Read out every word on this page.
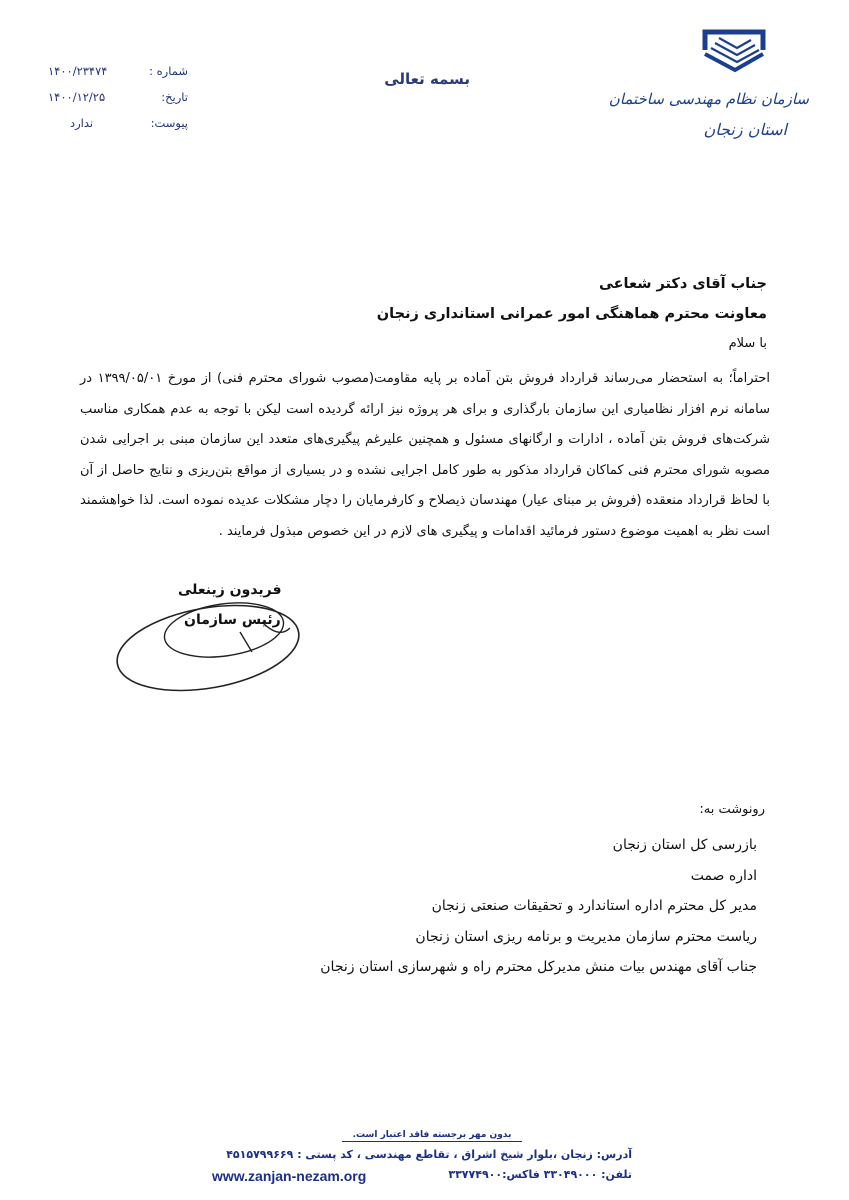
سازمان نظام مهندسی ساختمان
استان زنجان
بسمه تعالی
شماره :
۱۴۰۰/۲۳۴۷۴
تاریخ:
۱۴۰۰/۱۲/۲۵
پیوست:
ندارد
جناب آقای دکتر شعاعی
معاونت محترم هماهنگی امور عمرانی استانداری زنجان
با سلام
احتراماً؛ به استحضار می‌رساند قرارداد فروش بتن آماده بر پایه مقاومت(مصوب شورای محترم فنی) از مورخ ۱۳۹۹/۰۵/۰۱ در سامانه نرم افزار نظامیاری این سازمان بارگذاری و برای هر پروژه نیز ارائه گردیده است لیکن با توجه به عدم همکاری مناسب شرکت‌های فروش بتن آماده ، ادارات و ارگانهای مسئول و همچنین علیرغم پیگیری‌های متعدد این سازمان مبنی بر اجرایی شدن مصوبه شورای محترم فنی کماکان قرارداد مذکور به طور کامل اجرایی نشده و در بسیاری از مواقع بتن‌ریزی و نتایج حاصل از آن با لحاظ قرارداد منعقده (فروش بر مبنای عیار) مهندسان ذیصلاح و کارفرمایان را دچار مشکلات عدیده نموده است. لذا خواهشمند است نظر به اهمیت موضوع دستور فرمائید اقدامات و پیگیری های لازم در این خصوص مبذول فرمایند .
فریدون زینعلی
رئیس سازمان
رونوشت به:
بازرسی کل استان زنجان
اداره صمت
مدیر کل محترم اداره استاندارد و تحقیقات صنعتی زنجان
ریاست محترم سازمان مدیریت و برنامه ریزی استان زنجان
جناب آقای مهندس بیات منش مدیرکل محترم راه و شهرسازی استان زنجان
بدون مهر برجسته فاقد اعتبار است.
آدرس: زنجان ،بلوار شیخ اشراق ، تقاطع مهندسی ، کد پستی : ۴۵۱۵۷۹۹۶۶۹
تلفن: ۳۳۰۴۹۰۰۰ فاکس:۳۳۷۷۴۹۰۰
www.zanjan-nezam.org
